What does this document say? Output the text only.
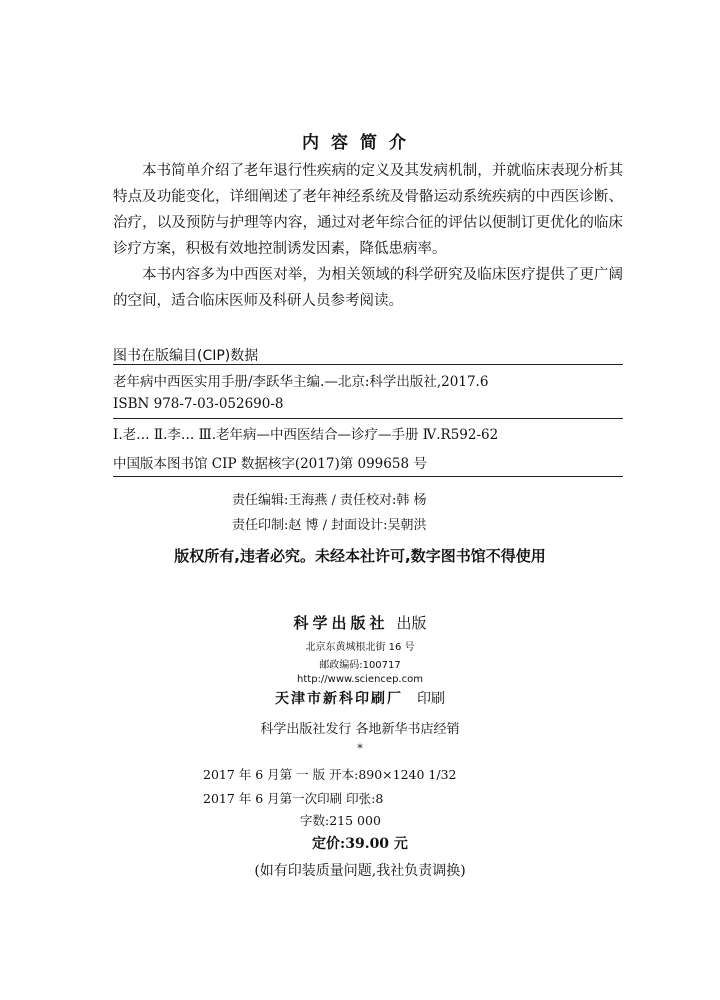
内容简介

本书简单介绍了老年退行性疾病的定义及其发病机制，并就临床表现分析其特点及功能变化，详细阐述了老年神经系统及骨骼运动系统疾病的中西医诊断、治疗，以及预防与护理等内容，通过对老年综合征的评估以便制订更优化的临床诊疗方案，积极有效地控制诱发因素，降低患病率。

本书内容多为中西医对举，为相关领域的科学研究及临床医疗提供了更广阔的空间，适合临床医师及科研人员参考阅读。

图书在版编目(CIP)数据
老年病中西医实用手册/李跃华主编.—北京:科学出版社,2017.6
ISBN 978-7-03-052690-8
Ⅰ.老… Ⅱ.李… Ⅲ.老年病—中西医结合—诊疗—手册 Ⅳ.R592-62
中国版本图书馆 CIP 数据核字(2017)第 099658 号
责任编辑:王海燕 / 责任校对:韩 杨
责任印制:赵 博 / 封面设计:吴朝洪
版权所有,违者必究。未经本社许可,数字图书馆不得使用
科学出版社 出版
北京东黄城根北街 16 号
邮政编码:100717
http://www.sciencep.com
天津市新科印刷厂 印刷
科学出版社发行 各地新华书店经销
*
2017 年 6 月第 一 版 开本:890×1240 1/32
2017 年 6 月第一次印刷 印张:8
字数:215 000
定价:39.00 元
(如有印装质量问题,我社负责调换)
